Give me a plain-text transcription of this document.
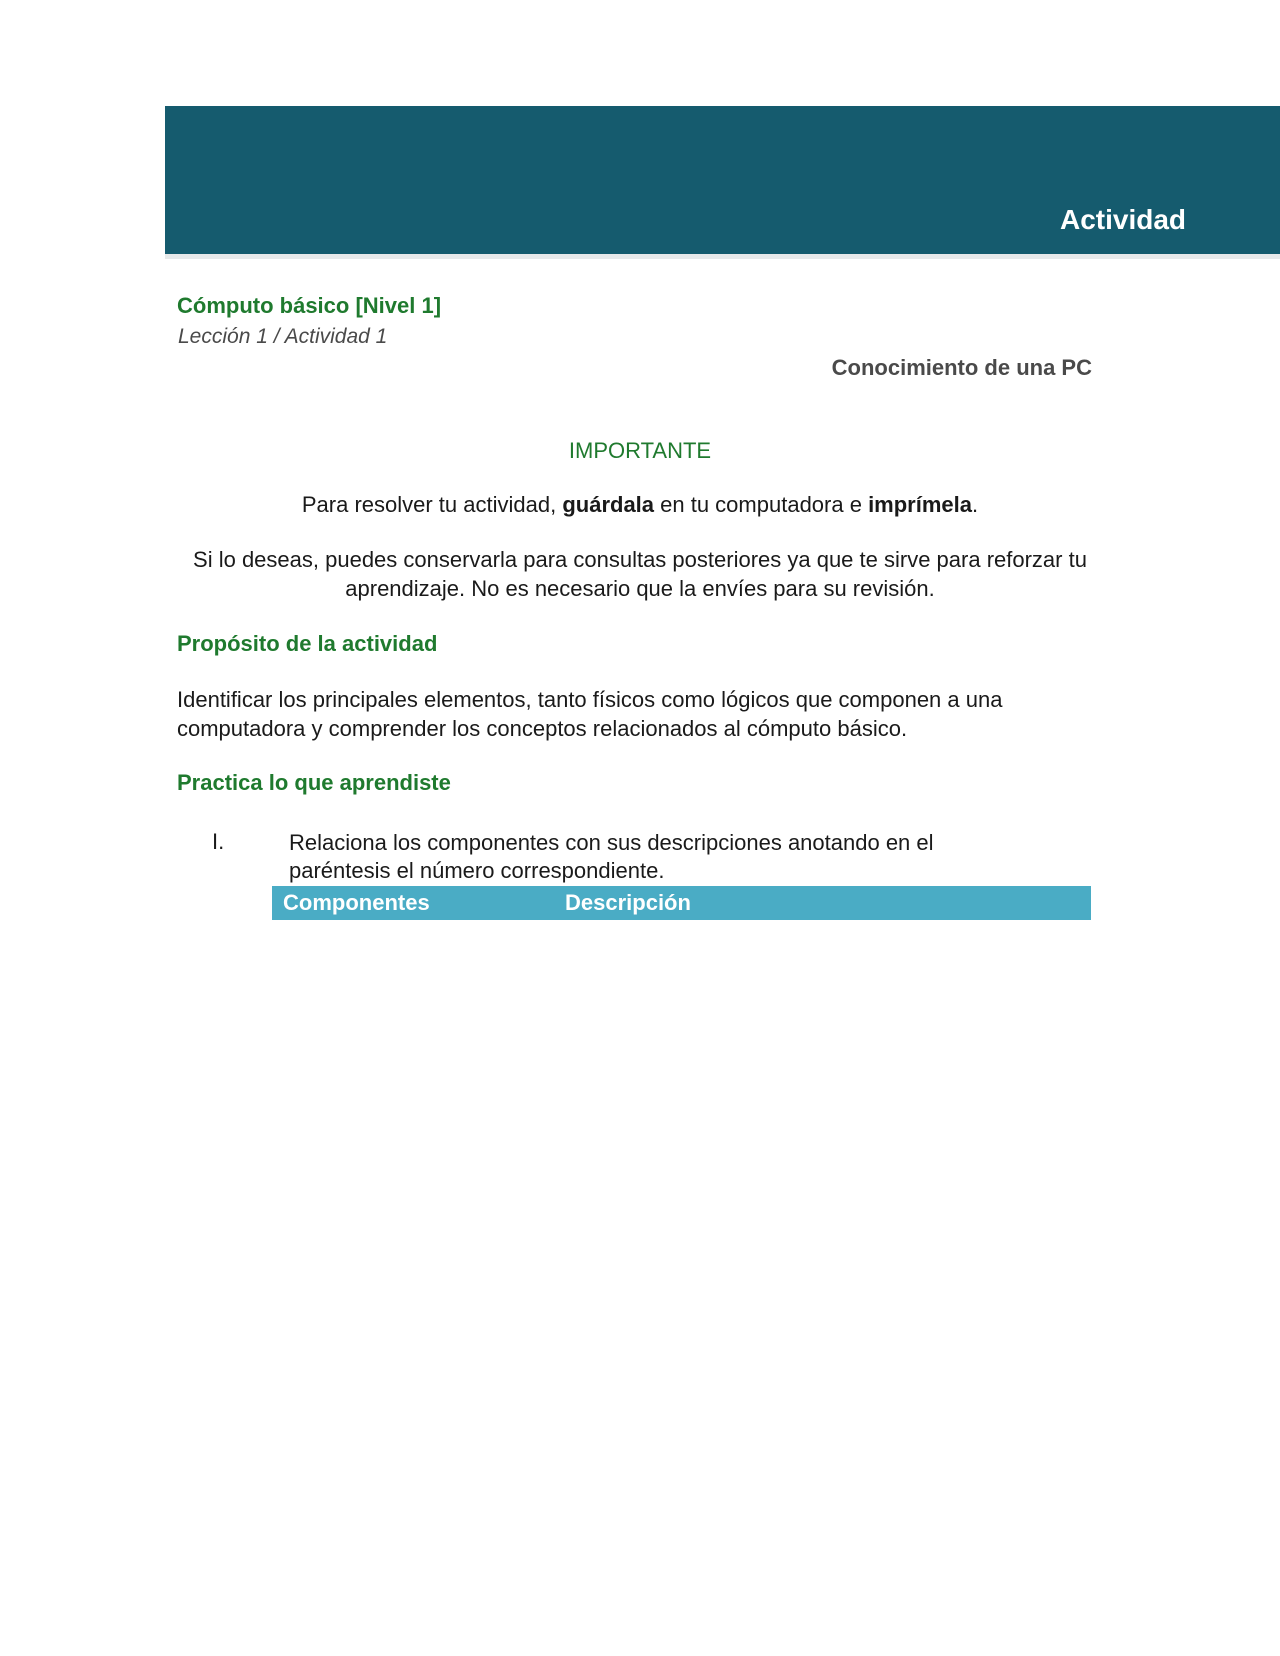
Actividad
Cómputo básico [Nivel 1]
Lección 1 / Actividad 1
Conocimiento de una PC
IMPORTANTE
Para resolver tu actividad, guárdala en tu computadora e imprímela.
Si lo deseas, puedes conservarla para consultas posteriores ya que te sirve para reforzar tu aprendizaje. No es necesario que la envíes para su revisión.
Propósito de la actividad
Identificar los principales elementos, tanto físicos como lógicos que componen a una computadora y comprender los conceptos relacionados al cómputo básico.
Practica lo que aprendiste
I.	Relaciona los componentes con sus descripciones anotando en el paréntesis el número correspondiente.
Componentes	Descripción
